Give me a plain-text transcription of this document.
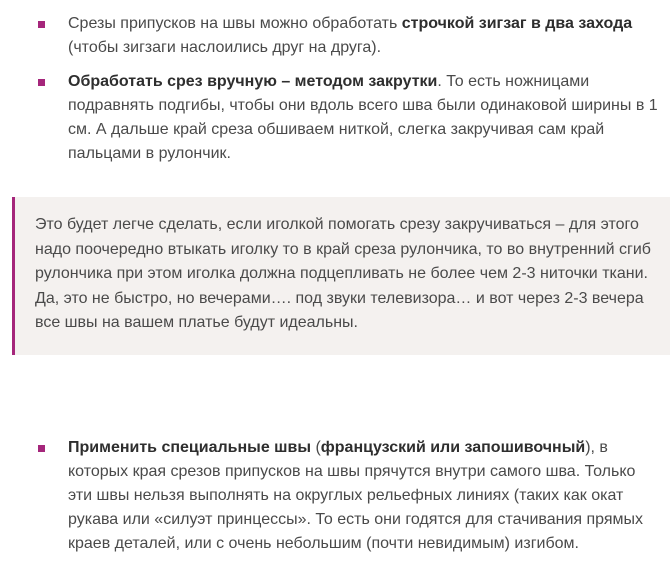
Срезы припусков на швы можно обработать строчкой зигзаг в два захода (чтобы зигзаги наслоились друг на друга).
Обработать срез вручную – методом закрутки. То есть ножницами подравнять подгибы, чтобы они вдоль всего шва были одинаковой ширины в 1 см. А дальше край среза обшиваем ниткой, слегка закручивая сам край пальцами в рулончик.
Это будет легче сделать, если иголкой помогать срезу закручиваться – для этого надо поочередно втыкать иголку то в край среза рулончика, то во внутренний сгиб рулончика при этом иголка должна подцепливать не более чем 2-3 ниточки ткани. Да, это не быстро, но вечерами…. под звуки телевизора… и вот через 2-3 вечера все швы на вашем платье будут идеальны.
Применить специальные швы (французский или запошивочный), в которых края срезов припусков на швы прячутся внутри самого шва. Только эти швы нельзя выполнять на округлых рельефных линиях (таких как окат рукава или «силуэт принцессы». То есть они годятся для стачивания прямых краев деталей, или с очень небольшим (почти невидимым) изгибом.
